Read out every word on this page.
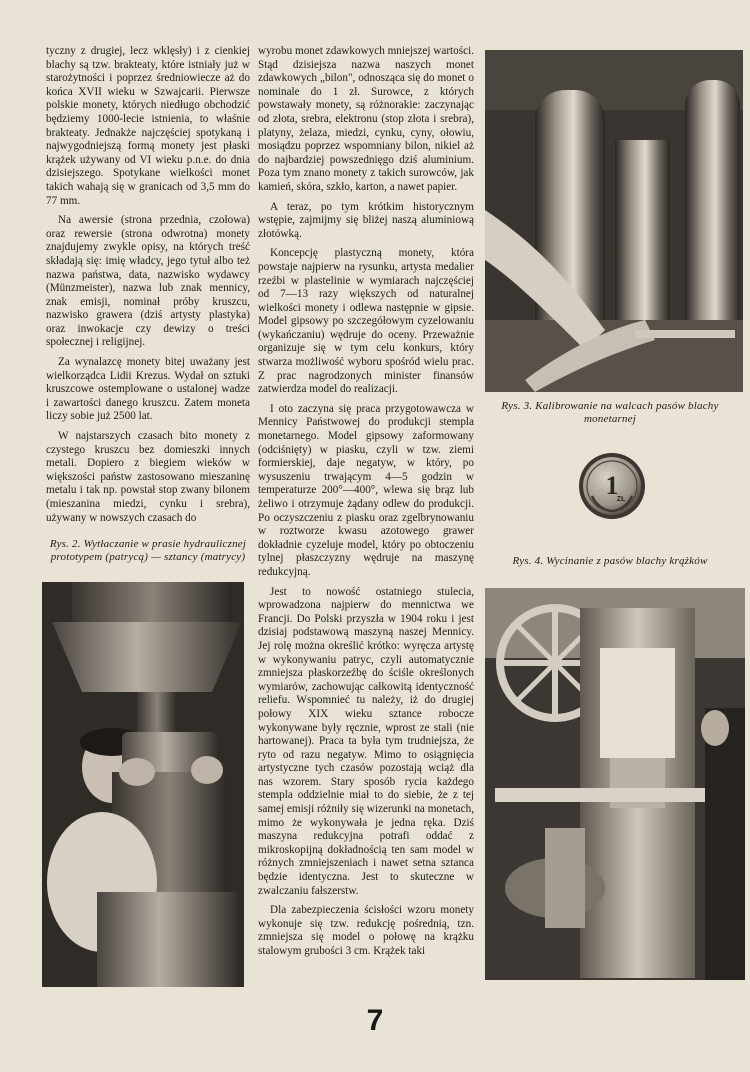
tyczny z drugiej, lecz wklęsły) i z cienkiej blachy są tzw. brakteaty, które istniały już w starożytności i poprzez średniowiecze aż do końca XVII wieku w Szwajcarii. Pierwsze polskie monety, których niedługo obchodzić będziemy 1000-lecie istnienia, to właśnie brakteaty. Jednakże najczęściej spotykaną i najwygodniejszą formą monety jest płaski krążek używany od VI wieku p.n.e. do dnia dzisiejszego. Spotykane wielkości monet takich wahają się w granicach od 3,5 mm do 77 mm.

Na awersie (strona przednia, czołowa) oraz rewersie (strona odwrotna) monety znajdujemy zwykle opisy, na których treść składają się: imię władcy, jego tytuł albo też nazwa państwa, data, nazwisko wydawcy (Münzmeister), nazwa lub znak mennicy, znak emisji, nominał próby kruszcu, nazwisko grawera (dziś artysty plastyka) oraz inwokacje czy dewizy o treści społecznej i religijnej.

Za wynalazcę monety bitej uważany jest wielkorządca Lidii Krezus. Wydał on sztuki kruszcowe ostemplowane o ustalonej wadze i zawartości danego kruszcu. Zatem moneta liczy sobie już 2500 lat.

W najstarszych czasach bito monety z czystego kruszcu bez domieszki innych metali. Dopiero z biegiem wieków w większości państw zastosowano mieszaninę metalu i tak np. powstał stop zwany bilonem (mieszanina miedzi, cynku i srebra), używany w nowszych czasach do

wyrobu monet zdawkowych mniejszej wartości. Stąd dzisiejsza nazwa naszych monet zdawkowych „bilon", odnosząca się do monet o nominale do 1 zł. Surowce, z których powstawały monety, są różnorakie: zaczynając od złota, srebra, elektronu (stop złota i srebra), platyny, żelaza, miedzi, cynku, cyny, ołowiu, mosiądzu poprzez wspomniany bilon, nikiel aż do najbardziej powszednięgo dziś aluminium. Poza tym znano monety z takich surowców, jak kamień, skóra, szkło, karton, a nawet papier.

A teraz, po tym krótkim historycznym wstępie, zajmijmy się bliżej naszą aluminiową złotówką.

Koncepcję plastyczną monety, która powstaje najpierw na rysunku, artysta medalier rzeźbi w plastelinie w wymiarach najczęściej od 7—13 razy większych od naturalnej wielkości monety i odlewa następnie w gipsie. Model gipsowy po szczegółowym cyzelowaniu (wykańczaniu) wędruje do oceny. Przeważnie organizuje się w tym celu konkurs, który stwarza możliwość wyboru spośród wielu prac. Z prac nagrodzonych minister finansów zatwierdza model do realizacji.

I oto zaczyna się praca przygotowawcza w Mennicy Państwowej do produkcji stempla monetarnego. Model gipsowy zaformowany (odciśnięty) w piasku, czyli w tzw. ziemi formierskiej, daje negatyw, w który, po wysuszeniu trwającym 4—5 godzin w temperaturze 200°—400°, wlewa się brąz lub żeliwo i otrzymuje żądany odlew do produkcji. Po oczyszczeniu z piasku oraz zgelbrynowaniu w roztworze kwasu azotowego grawer dokładnie cyzeluje model, który po obtoczeniu tylnej płaszczyzny wędruje na maszynę redukcyjną.

Jest to nowość ostatniego stulecia, wprowadzona najpierw do mennictwa we Francji. Do Polski przyszła w 1904 roku i jest dzisiaj podstawową maszyną naszej Mennicy. Jej rolę można określić krótko: wyręcza artystę w wykonywaniu patryc, czyli automatycznie zmniejsza płaskorzeźbę do ściśle określonych wymiarów, zachowując całkowitą identyczność reliefu. Wspomnieć tu należy, iż do drugiej połowy XIX wieku sztance robocze wykonywane były ręcznie, wprost ze stali (nie hartowanej). Praca ta była tym trudniejsza, że ryto od razu negatyw. Mimo to osiągnięcia artystyczne tych czasów pozostają wciąż dla nas wzorem. Stary sposób rycia każdego stempla oddzielnie miał to do siebie, że z tej samej emisji różniły się wizerunki na monetach, mimo że wykonywała je jedna ręka. Dziś maszyna redukcyjna potrafi oddać z mikroskopijną dokładnością ten sam model w różnych zmniejszeniach i nawet setna sztanca będzie identyczna. Jest to skuteczne w zwalczaniu fałszerstw.

Dla zabezpieczenia ścisłości wzoru monety wykonuje się tzw. redukcję pośrednią, tzn. zmniejsza się model o połowę na krążku stalowym grubości 3 cm. Krążek taki

Rys. 2. Wytłaczanie w prasie hydraulicznej prototypem (patrycą) — sztancy (matrycy)
Rys. 3. Kalibrowanie na walcach pasów blachy monetarnej
Rys. 4. Wycinanie z pasów blachy krążków
1
ZŁ
7
